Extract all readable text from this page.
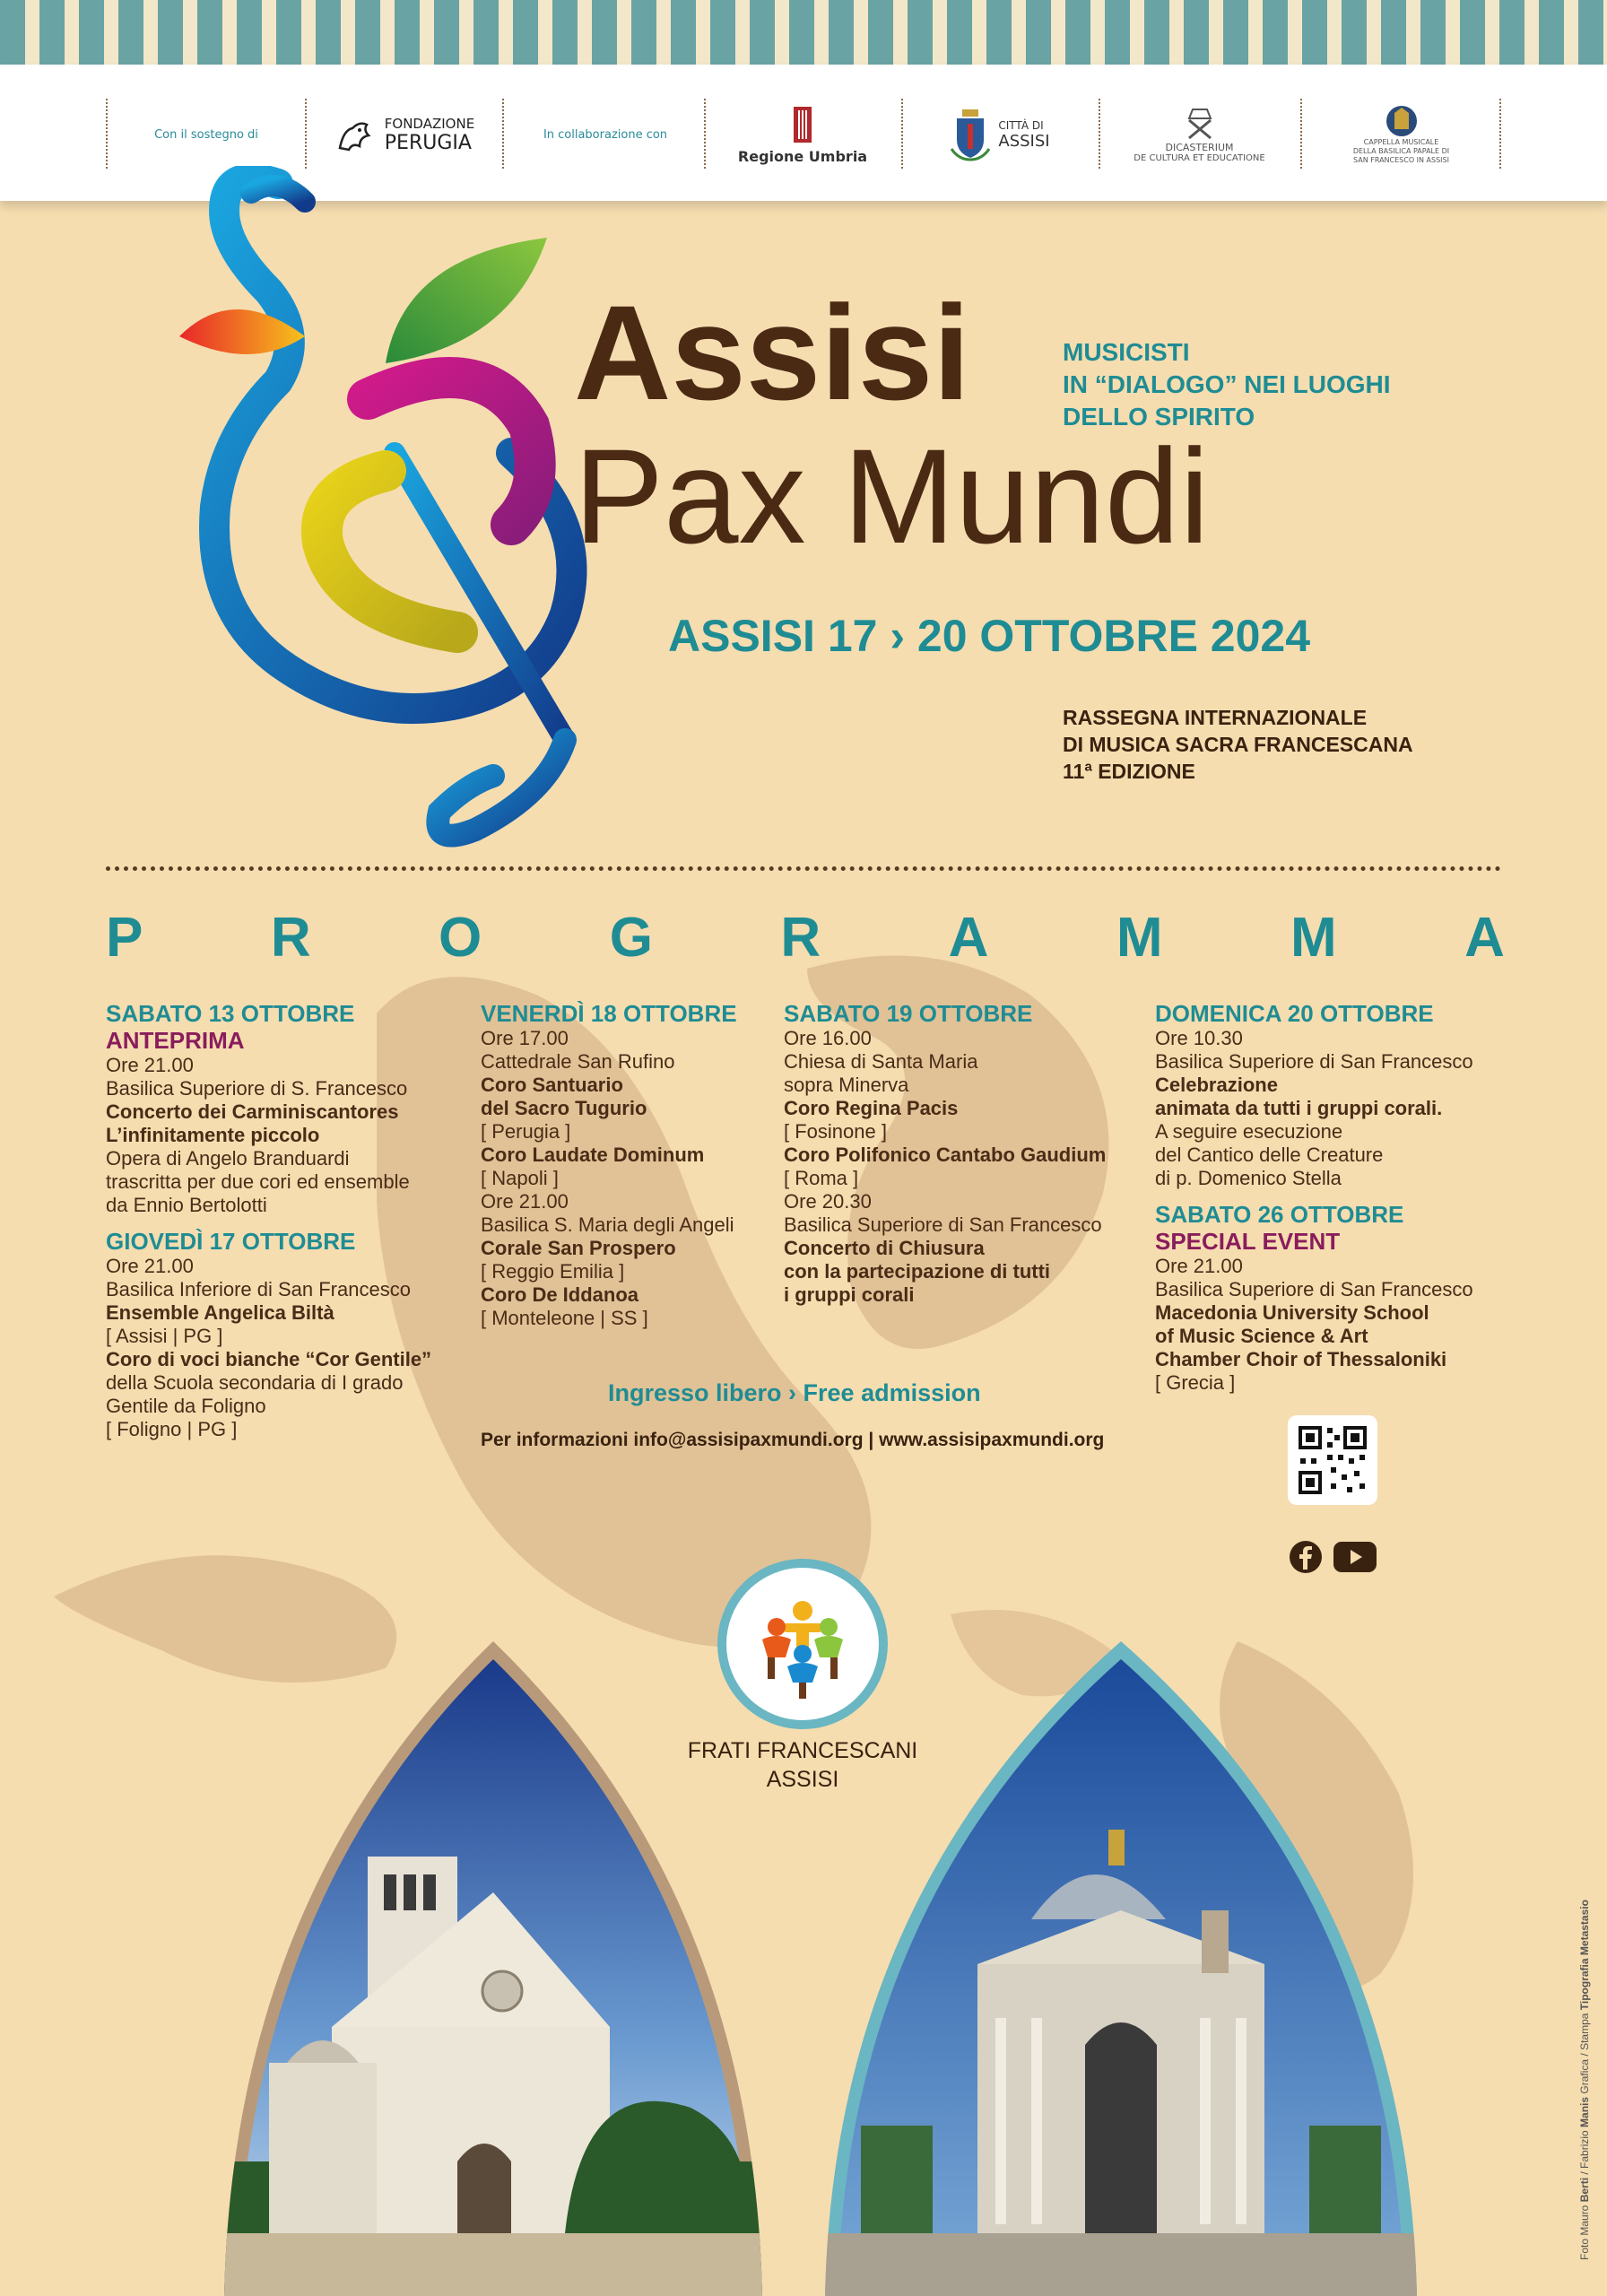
Con il sostegno di
FONDAZIONE
PERUGIA	In collaborazione con
Regione Umbria
CITTÀ DI
ASSISI	DICASTERIUM
DE CULTURA ET EDUCATIONE
CAPPELLA MUSICALE DELLA BASILICA PAPALE DI SAN FRANCESCO IN ASSISI
Assisi
Pax Mundi
MUSICISTI
IN “DIALOGO” NEI LUOGHI
DELLO SPIRITO
ASSISI 17 › 20 OTTOBRE 2024
RASSEGNA INTERNAZIONALE
DI MUSICA SACRA FRANCESCANA
11ª EDIZIONE
P R O G R A M M A
SABATO 13 OTTOBRE
ANTEPRIMA
Ore 21.00
Basilica Superiore di S. Francesco
Concerto dei Carminiscantores
L’infinitamente piccolo
Opera di Angelo Branduardi
trascritta per due cori ed ensemble
da Ennio Bertolotti
GIOVEDÌ 17 OTTOBRE
Ore 21.00
Basilica Inferiore di San Francesco
Ensemble Angelica Biltà
[ Assisi | PG ]
Coro di voci bianche “Cor Gentile”
della Scuola secondaria di I grado
Gentile da Foligno
[ Foligno | PG ]
VENERDÌ 18 OTTOBRE
Ore 17.00
Cattedrale San Rufino
Coro Santuario
del Sacro Tugurio
[ Perugia ]
Coro Laudate Dominum
[ Napoli ]
Ore 21.00
Basilica S. Maria degli Angeli
Corale San Prospero
[ Reggio Emilia ]
Coro De Iddanoa
[ Monteleone | SS ]
SABATO 19 OTTOBRE
Ore 16.00
Chiesa di Santa Maria
sopra Minerva
Coro Regina Pacis
[ Fosinone ]
Coro Polifonico Cantabo Gaudium
[ Roma ]
Ore 20.30
Basilica Superiore di San Francesco
Concerto di Chiusura
con la partecipazione di tutti
i gruppi corali
DOMENICA 20 OTTOBRE
Ore 10.30
Basilica Superiore di San Francesco
Celebrazione
animata da tutti i gruppi corali.
A seguire esecuzione
del Cantico delle Creature
di p. Domenico Stella
SABATO 26 OTTOBRE
SPECIAL EVENT
Ore 21.00
Basilica Superiore di San Francesco
Macedonia University School
of Music Science & Art
Chamber Choir of Thessaloniki
[ Grecia ]
Ingresso libero › Free admission
Per informazioni info@assisipaxmundi.org | www.assisipaxmundi.org
FRATI FRANCESCANI
ASSISI
Foto Mauro Berti / Fabrizio Manis Grafica / Stampa Tipografia Metastasio
